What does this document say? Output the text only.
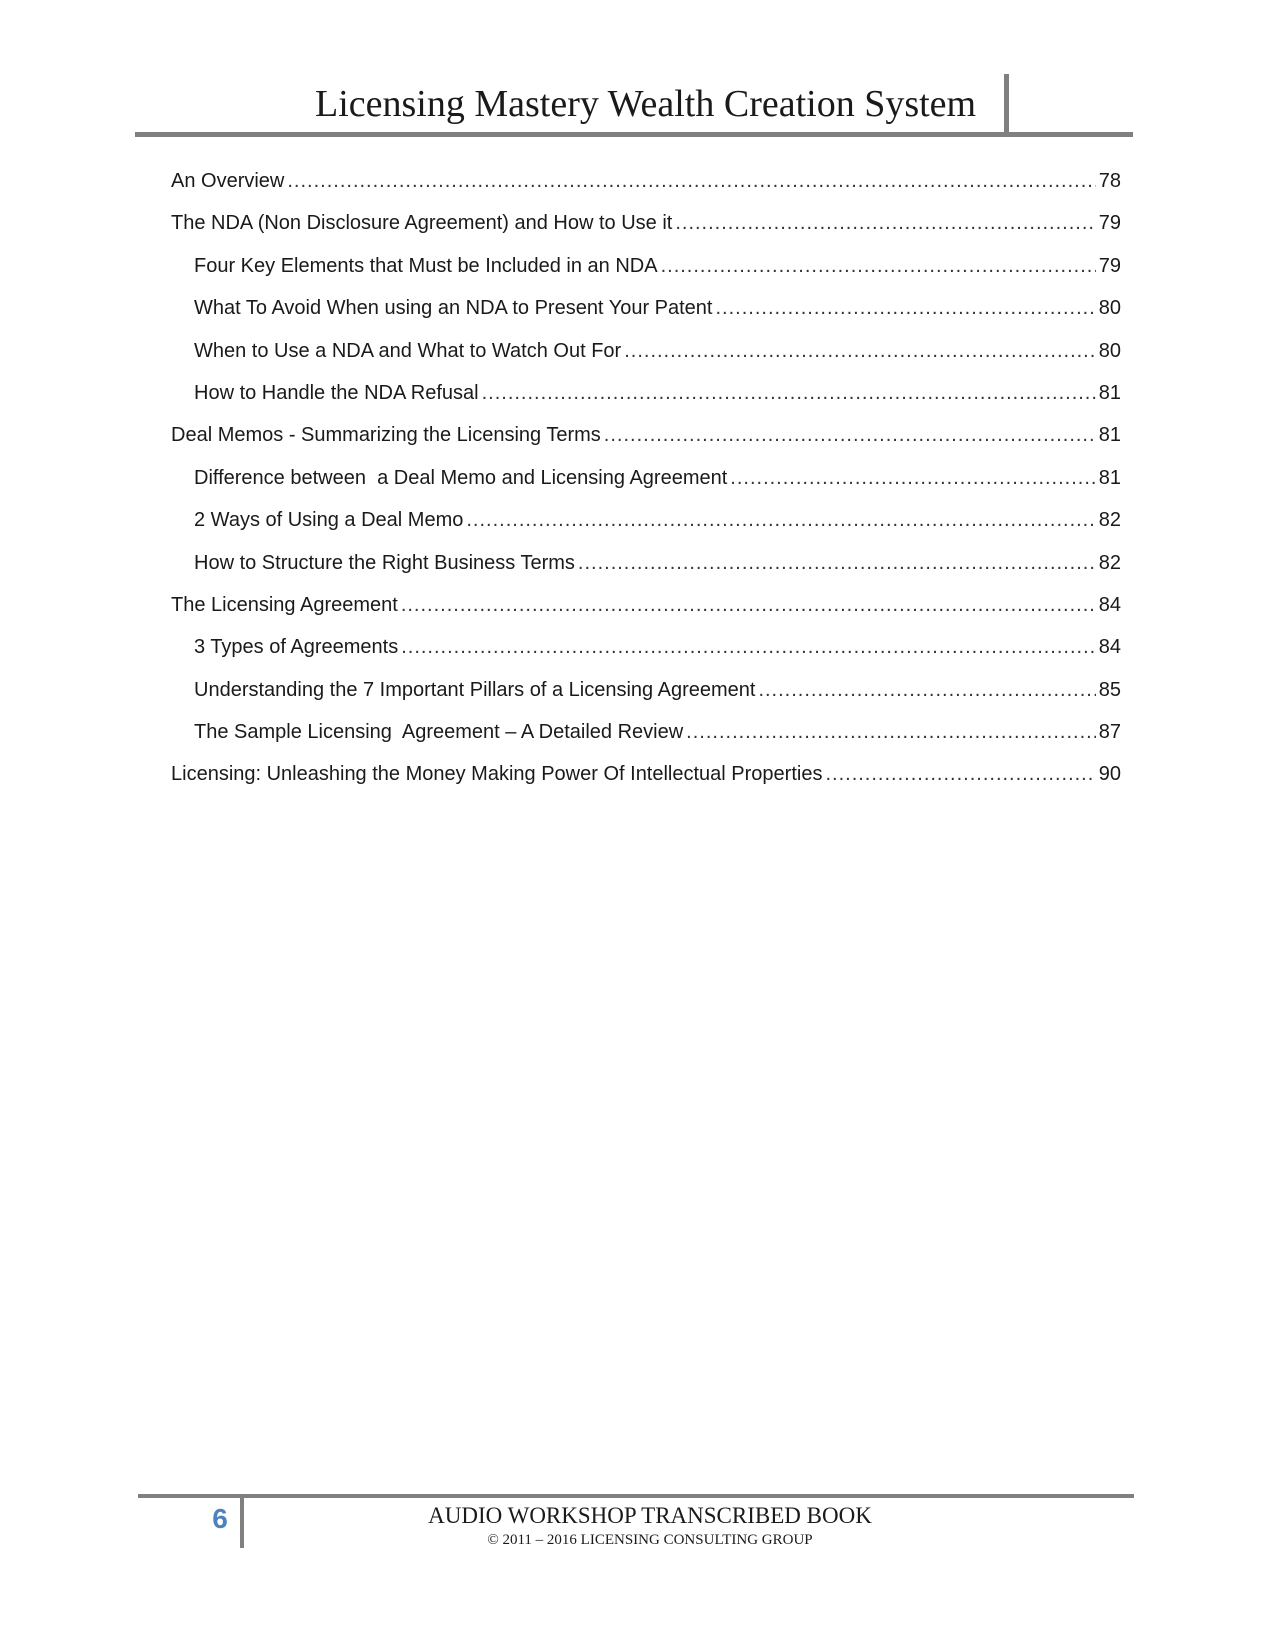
Licensing Mastery Wealth Creation System
An Overview .....	78
The NDA (Non Disclosure Agreement) and How to Use it .....	79
Four Key Elements that Must be Included in an NDA .....	79
What To Avoid When using an NDA to Present Your Patent .....	80
When to Use a NDA and What to Watch Out For .....	80
How to Handle the NDA Refusal .....	81
Deal Memos - Summarizing the Licensing Terms .....	81
Difference between  a Deal Memo and Licensing Agreement .....	81
2 Ways of Using a Deal Memo .....	82
How to Structure the Right Business Terms .....	82
The Licensing Agreement .....	84
3 Types of Agreements .....	84
Understanding the 7 Important Pillars of a Licensing Agreement .....	85
The Sample Licensing  Agreement – A Detailed Review .....	87
Licensing: Unleashing the Money Making Power Of Intellectual Properties .....	90
6	AUDIO WORKSHOP TRANSCRIBED BOOK
© 2011 – 2016 LICENSING CONSULTING GROUP
